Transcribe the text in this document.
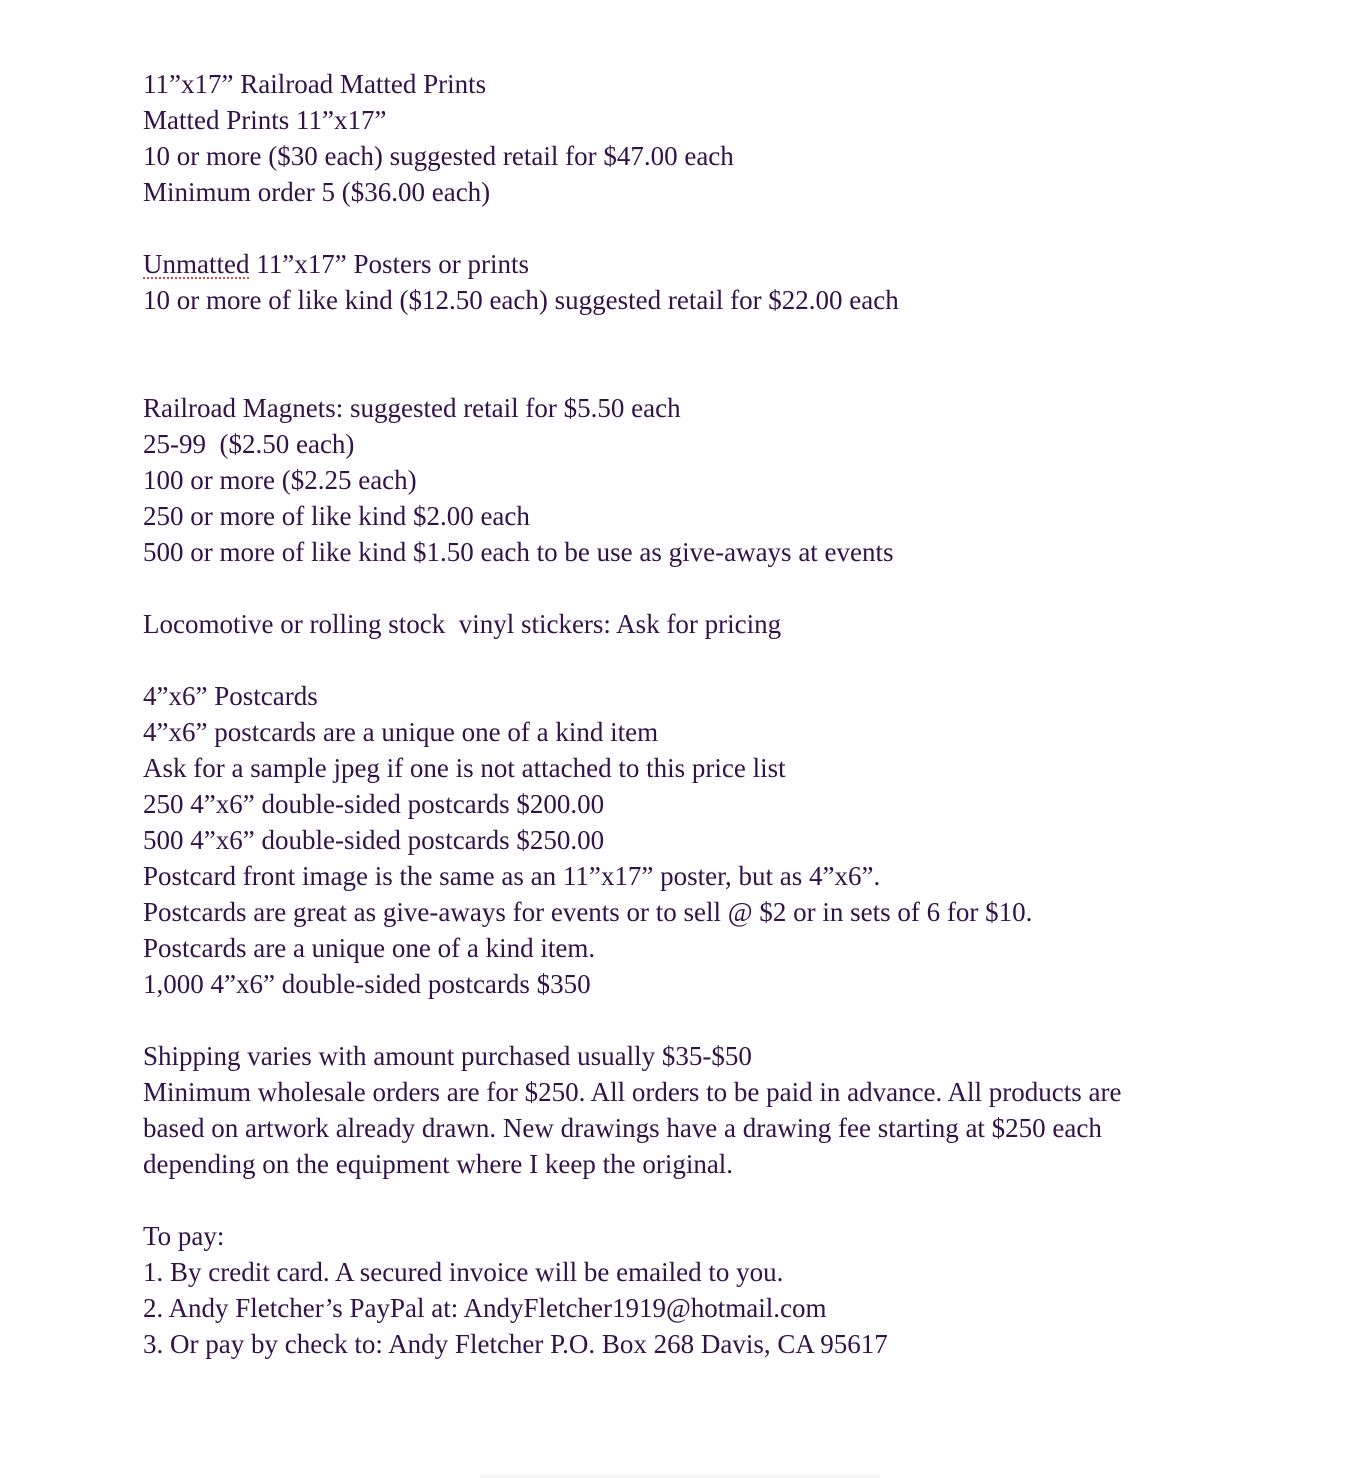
11”x17” Railroad Matted Prints
Matted Prints 11”x17”
10 or more ($30 each) suggested retail for $47.00 each
Minimum order 5 ($36.00 each)
Unmatted 11”x17” Posters or prints
10 or more of like kind ($12.50 each) suggested retail for $22.00 each
Railroad Magnets: suggested retail for $5.50 each
25-99  ($2.50 each)
100 or more ($2.25 each)
250 or more of like kind $2.00 each
500 or more of like kind $1.50 each to be use as give-aways at events
Locomotive or rolling stock  vinyl stickers: Ask for pricing
4”x6” Postcards
4”x6” postcards are a unique one of a kind item
Ask for a sample jpeg if one is not attached to this price list
250 4”x6” double-sided postcards $200.00
500 4”x6” double-sided postcards $250.00
Postcard front image is the same as an 11”x17” poster, but as 4”x6”.
Postcards are great as give-aways for events or to sell @ $2 or in sets of 6 for $10.
Postcards are a unique one of a kind item.
1,000 4”x6” double-sided postcards $350
Shipping varies with amount purchased usually $35-$50
Minimum wholesale orders are for $250. All orders to be paid in advance. All products are based on artwork already drawn. New drawings have a drawing fee starting at $250 each depending on the equipment where I keep the original.
To pay:
1. By credit card. A secured invoice will be emailed to you.
2. Andy Fletcher’s PayPal at: AndyFletcher1919@hotmail.com
3. Or pay by check to: Andy Fletcher P.O. Box 268 Davis, CA 95617
